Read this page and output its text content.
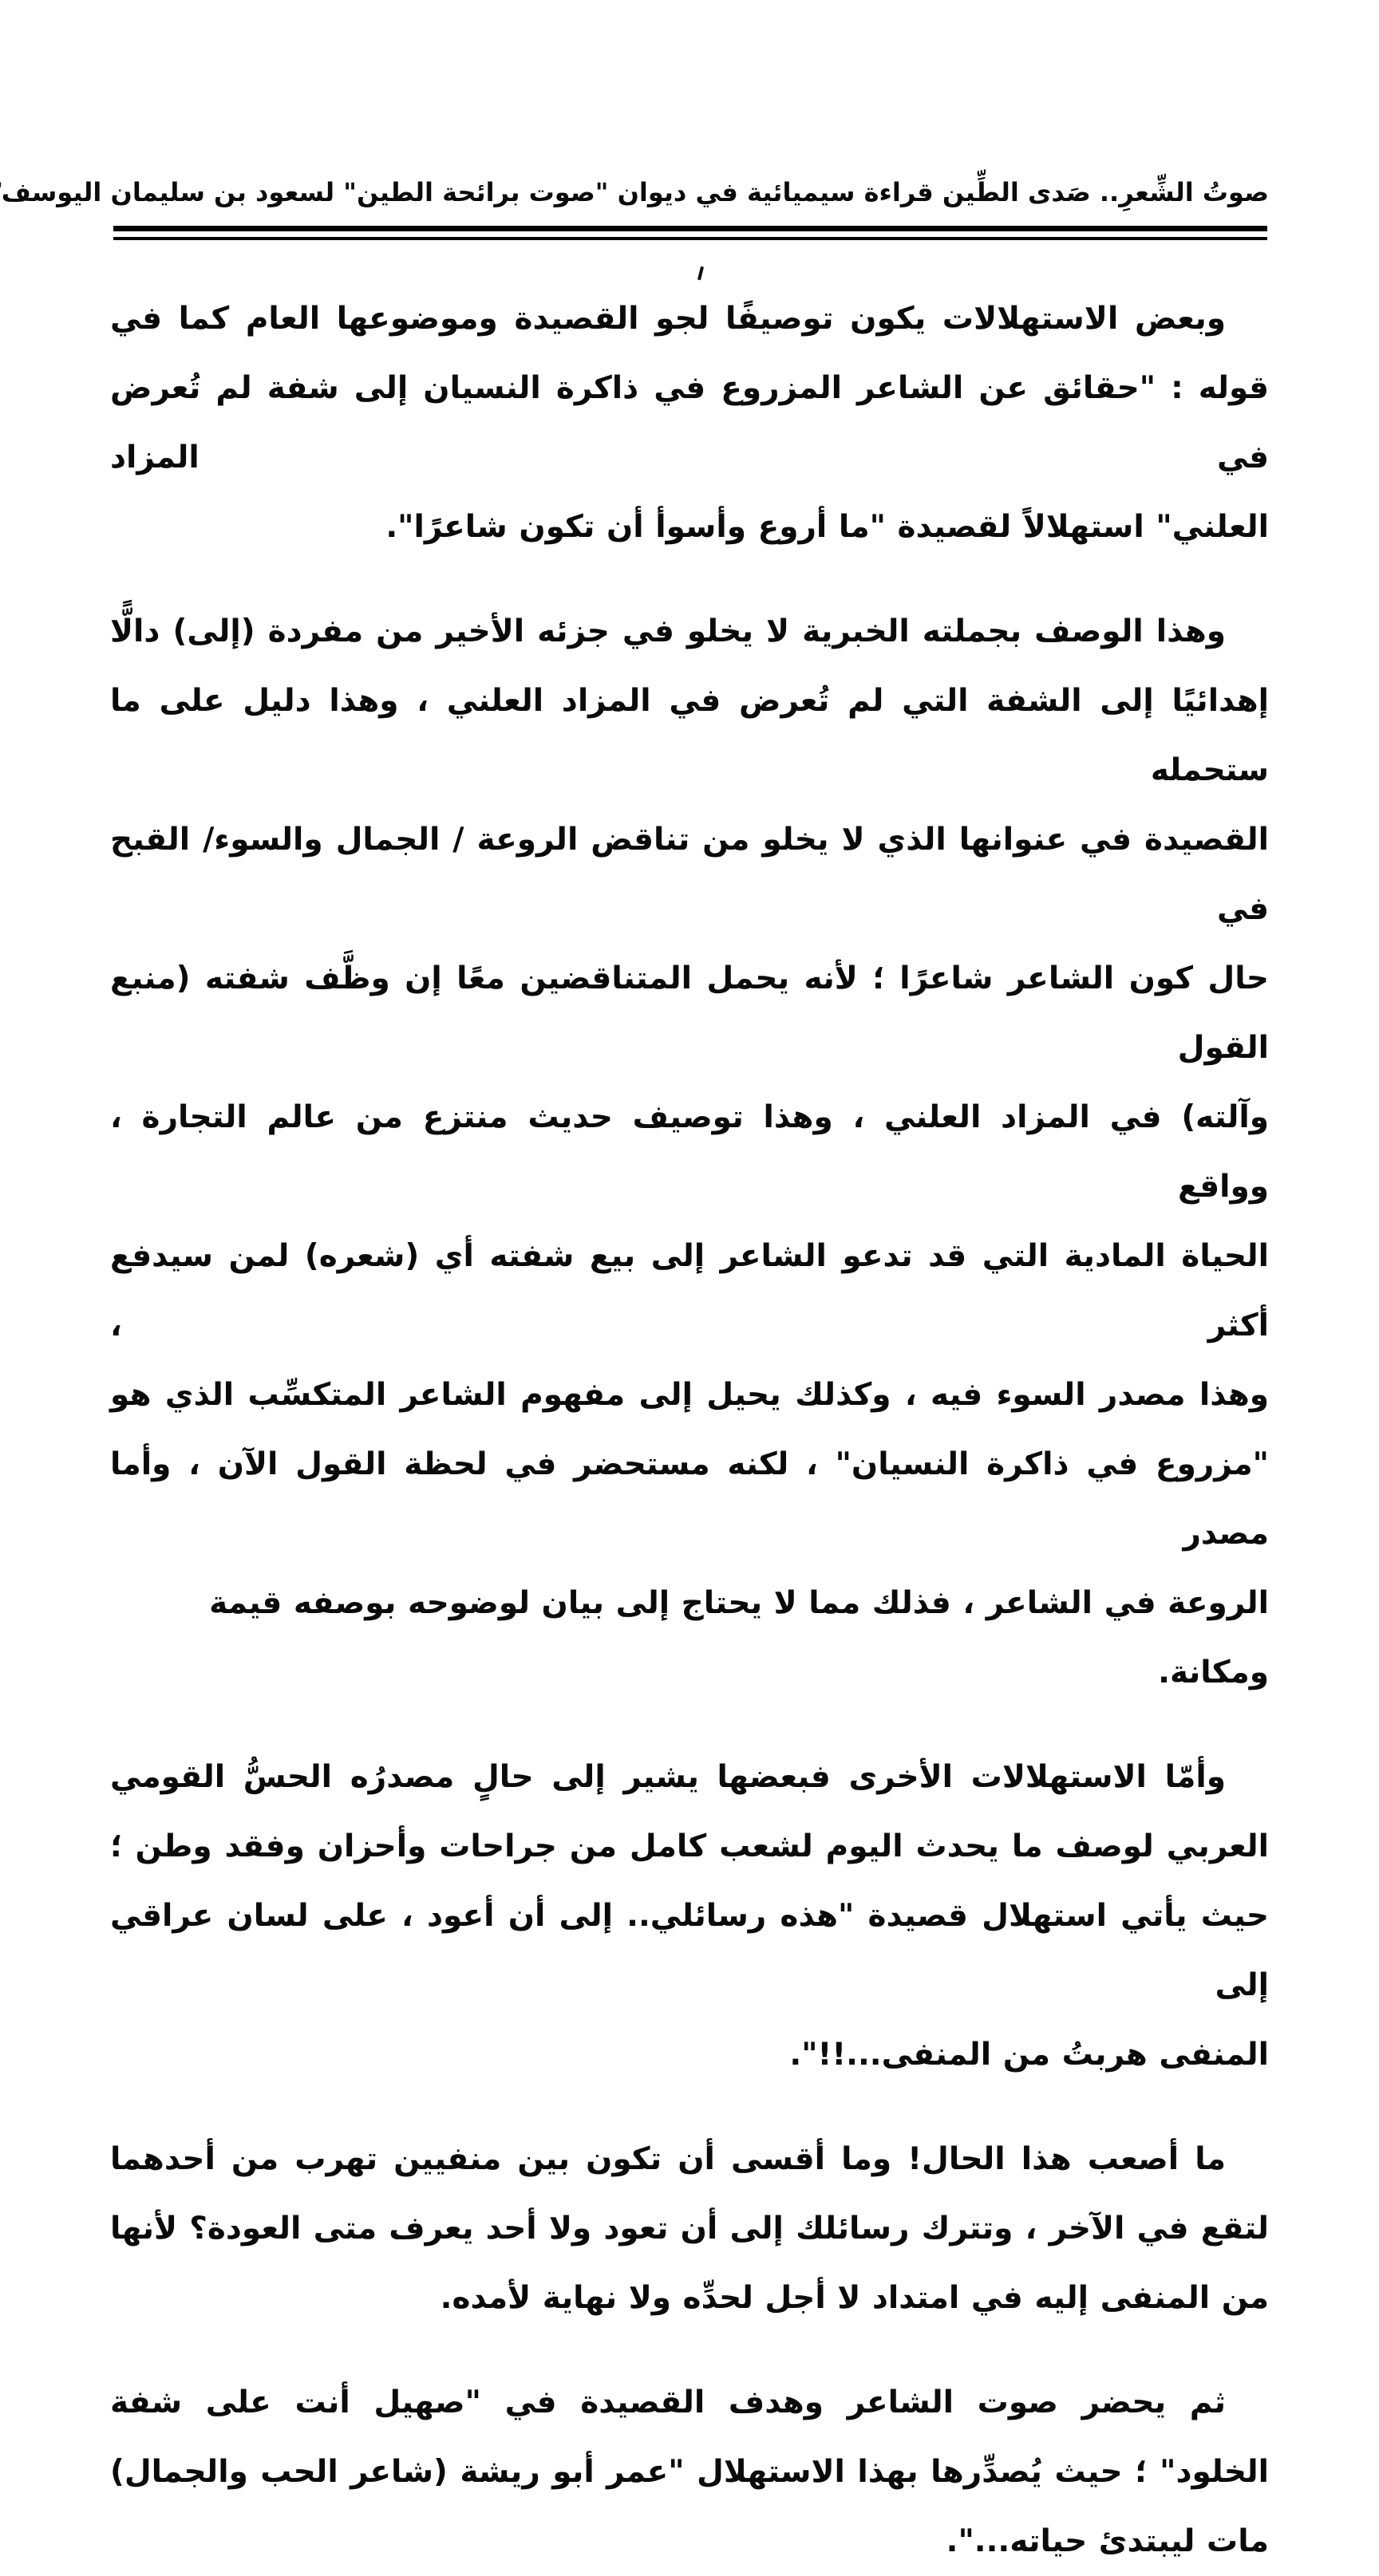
صوتُ الشِّعرِ.. صَدى الطِّين قراءة سيميائية في ديوان "صوت برائحة الطين" لسعود بن سليمان اليوسف
وبعض الاستهلالات يكون توصيفًا لجو القصيدة وموضوعها العام كما في
قوله : "حقائق عن الشاعر المزروع في ذاكرة النسيان إلى شفة لم تُعرض في المزاد
العلني" استهلالاً لقصيدة "ما أروع وأسوأ أن تكون شاعرًا".
وهذا الوصف بجملته الخبرية لا يخلو في جزئه الأخير من مفردة (إلى) دالًّا
إهدائيًا إلى الشفة التي لم تُعرض في المزاد العلني ، وهذا دليل على ما ستحمله
القصيدة في عنوانها الذي لا يخلو من تناقض الروعة / الجمال والسوء/ القبح في
حال كون الشاعر شاعرًا ؛ لأنه يحمل المتناقضين معًا إن وظَّف شفته (منبع القول
وآلته) في المزاد العلني ، وهذا توصيف حديث منتزع من عالم التجارة ، وواقع
الحياة المادية التي قد تدعو الشاعر إلى بيع شفته أي (شعره) لمن سيدفع أكثر ،
وهذا مصدر السوء فيه ، وكذلك يحيل إلى مفهوم الشاعر المتكسِّب الذي هو
"مزروع في ذاكرة النسيان" ، لكنه مستحضر في لحظة القول الآن ، وأما مصدر
الروعة في الشاعر ، فذلك مما لا يحتاج إلى بيان لوضوحه بوصفه قيمة ومكانة.
وأمّا الاستهلالات الأخرى فبعضها يشير إلى حالٍ مصدرُه الحسُّ القومي
العربي لوصف ما يحدث اليوم لشعب كامل من جراحات وأحزان وفقد وطن ؛
حيث يأتي استهلال قصيدة "هذه رسائلي.. إلى أن أعود ، على لسان عراقي إلى
المنفى هربتُ من المنفى...!!".
ما أصعب هذا الحال! وما أقسى أن تكون بين منفيين تهرب من أحدهما
لتقع في الآخر ، وتترك رسائلك إلى أن تعود ولا أحد يعرف متى العودة؟ لأنها
من المنفى إليه في امتداد لا أجل لحدِّه ولا نهاية لأمده.
ثم يحضر صوت الشاعر وهدف القصيدة في "صهيل أنت على شفة
الخلود" ؛ حيث يُصدِّرها بهذا الاستهلال "عمر أبو ريشة (شاعر الحب والجمال)
مات ليبتدئ حياته...".
